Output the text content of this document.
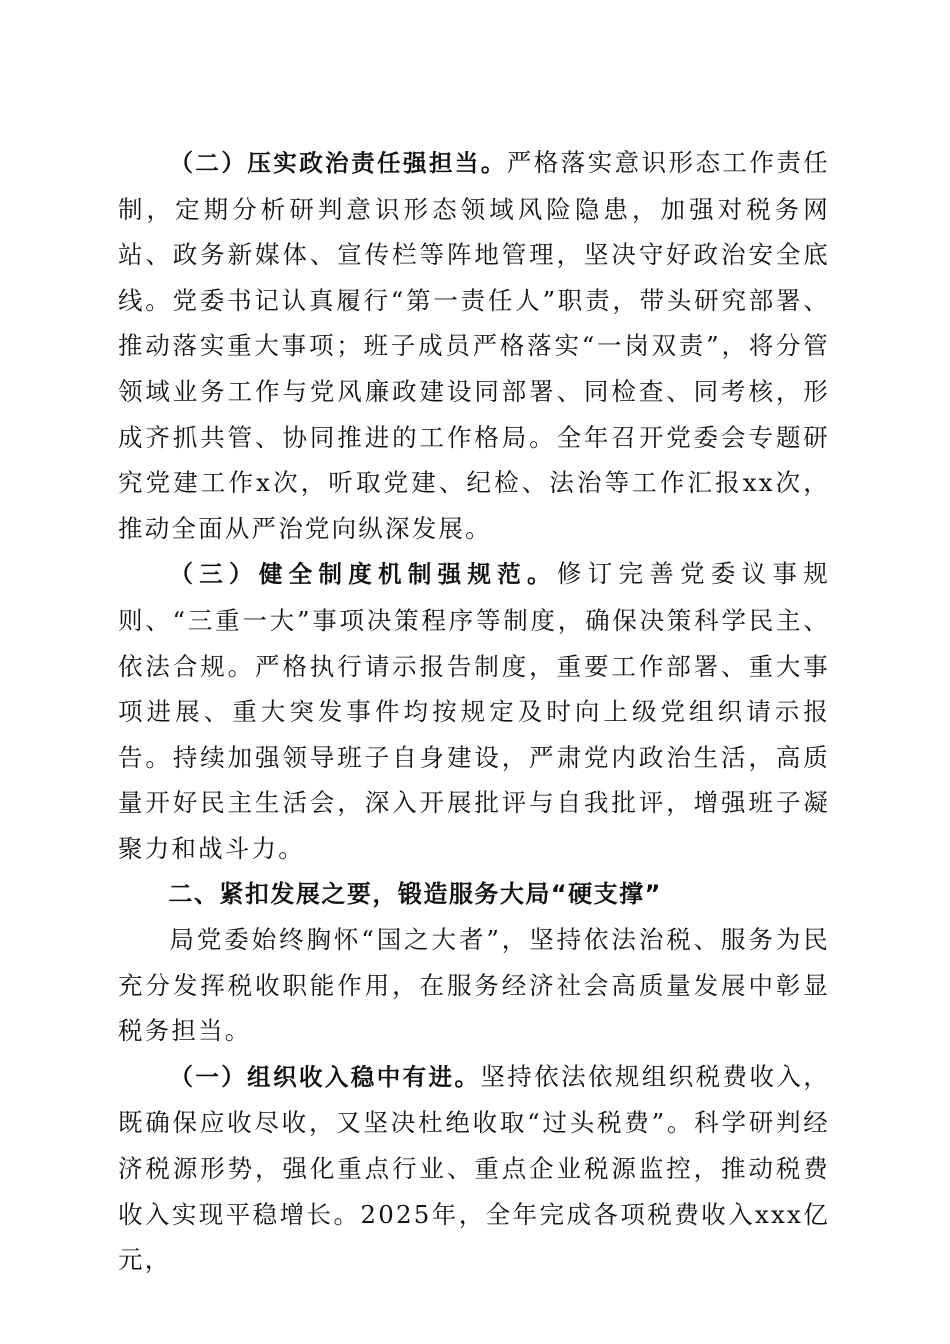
（二）压实政治责任强担当。严格落实意识形态工作责任制，定期分析研判意识形态领域风险隐患，加强对税务网站、政务新媒体、宣传栏等阵地管理，坚决守好政治安全底线。党委书记认真履行“第一责任人”职责，带头研究部署、推动落实重大事项；班子成员严格落实“一岗双责”，将分管领域业务工作与党风廉政建设同部署、同检查、同考核，形成齐抓共管、协同推进的工作格局。全年召开党委会专题研究党建工作x次，听取党建、纪检、法治等工作汇报xx次，推动全面从严治党向纵深发展。

（三）健全制度机制强规范。修订完善党委议事规则、“三重一大”事项决策程序等制度，确保决策科学民主、依法合规。严格执行请示报告制度，重要工作部署、重大事项进展、重大突发事件均按规定及时向上级党组织请示报告。持续加强领导班子自身建设，严肃党内政治生活，高质量开好民主生活会，深入开展批评与自我批评，增强班子凝聚力和战斗力。

二、紧扣发展之要，锻造服务大局“硬支撑”

局党委始终胸怀“国之大者”，坚持依法治税、服务为民充分发挥税收职能作用，在服务经济社会高质量发展中彰显税务担当。

（一）组织收入稳中有进。坚持依法依规组织税费收入，既确保应收尽收，又坚决杜绝收取“过头税费”。科学研判经济税源形势，强化重点行业、重点企业税源监控，推动税费收入实现平稳增长。2025年，全年完成各项税费收入xxx亿元，
